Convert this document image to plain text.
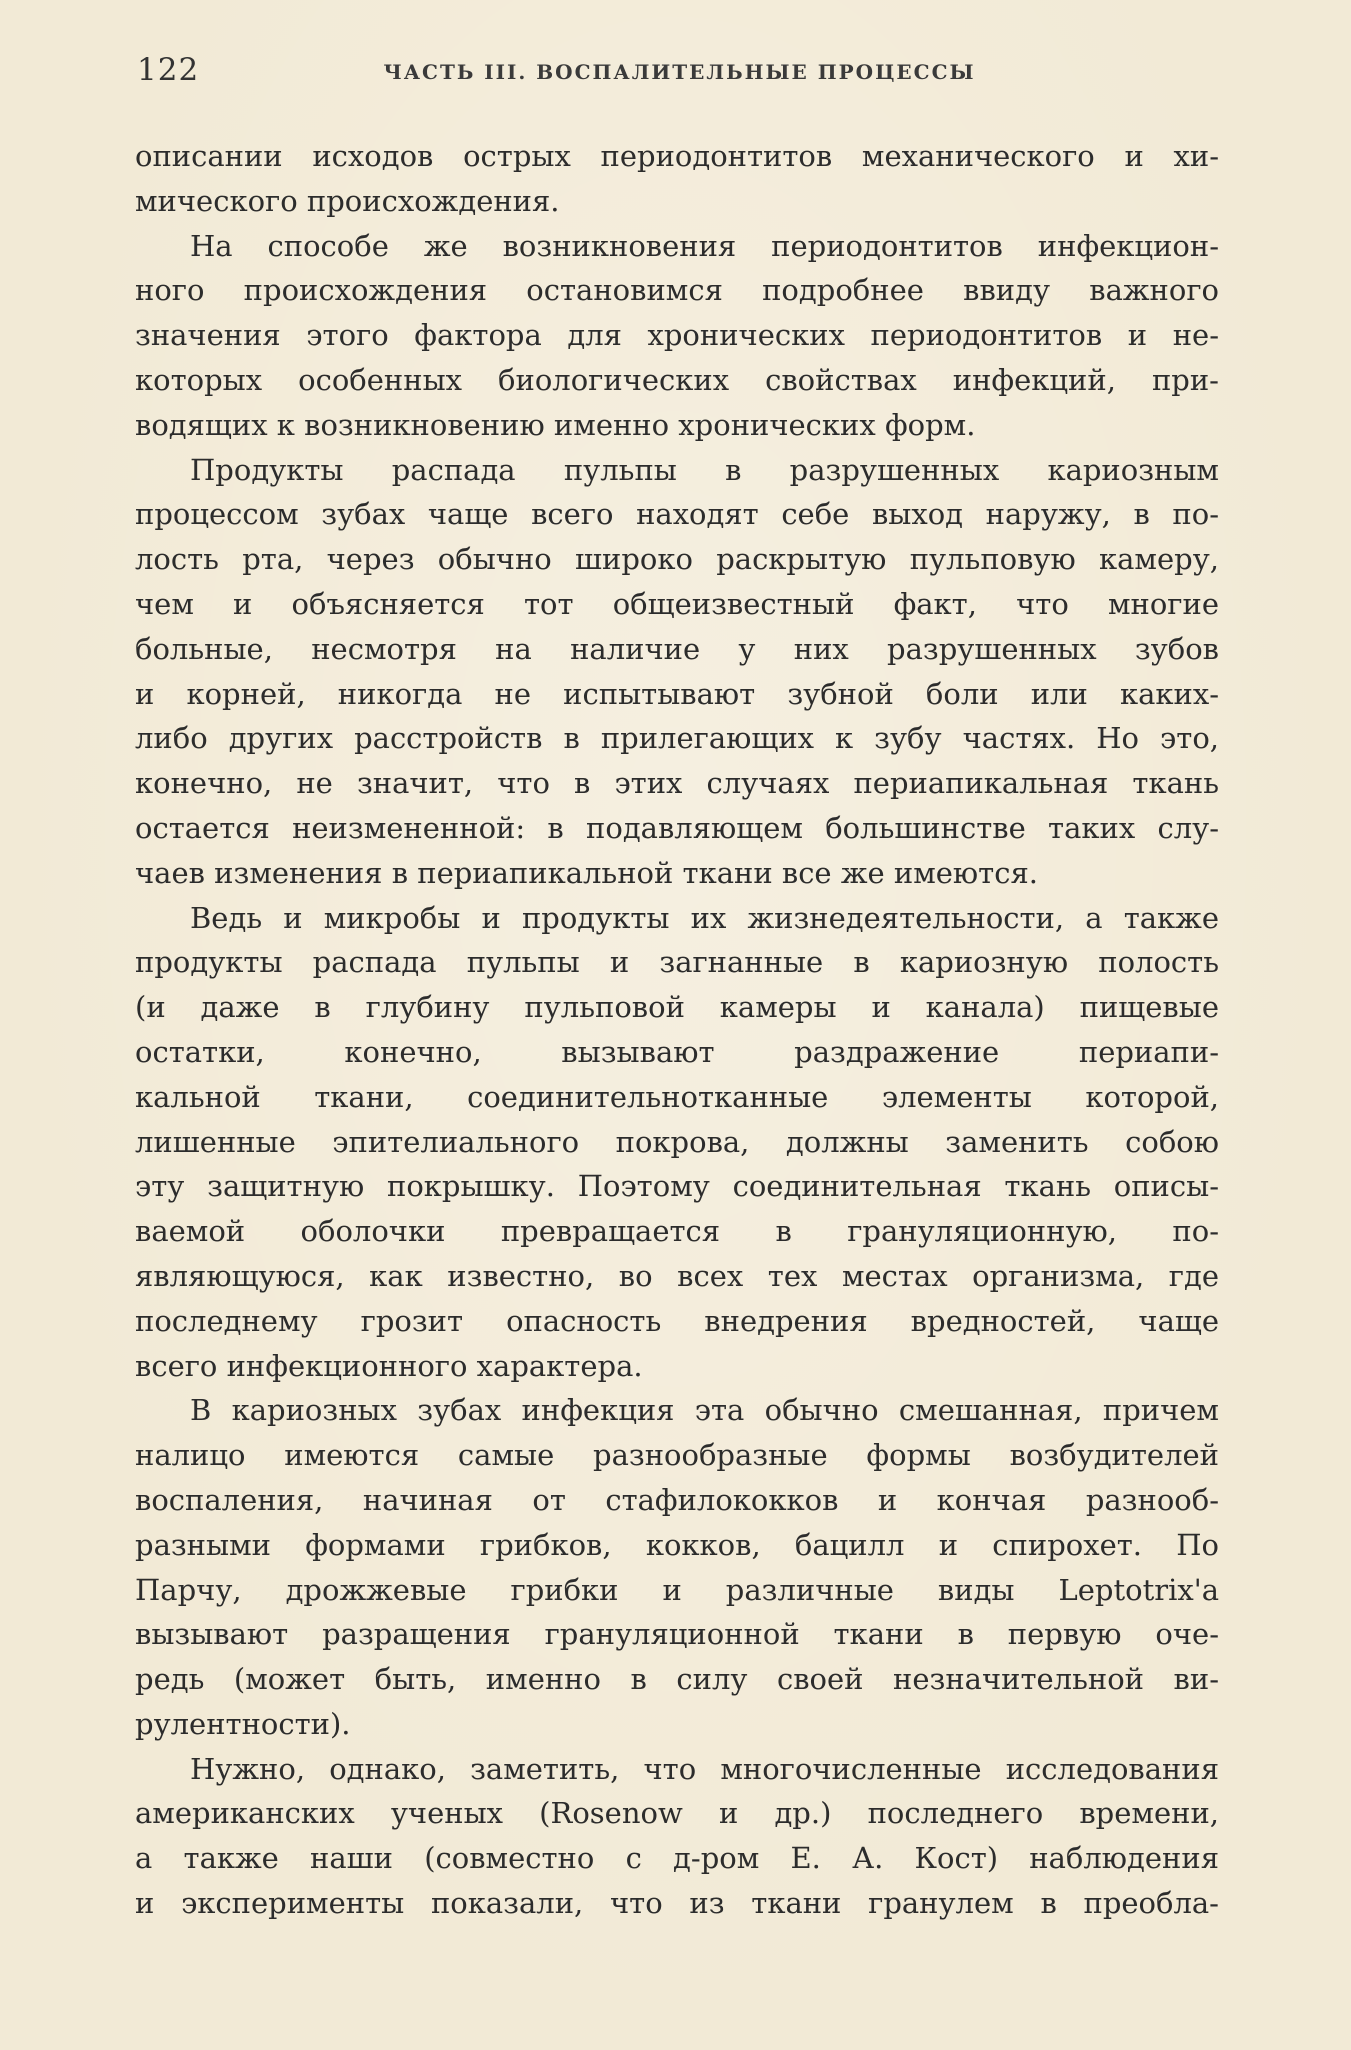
122	ЧАСТЬ III. ВОСПАЛИТЕЛЬНЫЕ ПРОЦЕССЫ
описании исходов острых периодонтитов механического и хи-
мического происхождения.
На способе же возникновения периодонтитов инфекцион-
ного происхождения остановимся подробнее ввиду важного
значения этого фактора для хронических периодонтитов и не-
которых особенных биологических свойствах инфекций, при-
водящих к возникновению именно хронических форм.
Продукты распада пульпы в разрушенных кариозным
процессом зубах чаще всего находят себе выход наружу, в по-
лость рта, через обычно широко раскрытую пульповую камеру,
чем и объясняется тот общеизвестный факт, что многие
больные, несмотря на наличие у них разрушенных зубов
и корней, никогда не испытывают зубной боли или каких-
либо других расстройств в прилегающих к зубу частях. Но это,
конечно, не значит, что в этих случаях периапикальная ткань
остается неизмененной: в подавляющем большинстве таких слу-
чаев изменения в периапикальной ткани все же имеются.
Ведь и микробы и продукты их жизнедеятельности, а также
продукты распада пульпы и загнанные в кариозную полость
(и даже в глубину пульповой камеры и канала) пищевые
остатки, конечно, вызывают раздражение периапи-
кальной ткани, соединительнотканные элементы которой,
лишенные эпителиального покрова, должны заменить собою
эту защитную покрышку. Поэтому соединительная ткань описы-
ваемой оболочки превращается в грануляционную, по-
являющуюся, как известно, во всех тех местах организма, где
последнему грозит опасность внедрения вредностей, чаще
всего инфекционного характера.
В кариозных зубах инфекция эта обычно смешанная, причем
налицо имеются самые разнообразные формы возбудителей
воспаления, начиная от стафилококков и кончая разнооб-
разными формами грибков, кокков, бацилл и спирохет. По
Парчу, дрожжевые грибки и различные виды Leptotrix'a
вызывают разращения грануляционной ткани в первую оче-
редь (может быть, именно в силу своей незначительной ви-
рулентности).
Нужно, однако, заметить, что многочисленные исследования
американских ученых (Rosenow и др.) последнего времени,
а также наши (совместно с д-ром Е. А. Кост) наблюдения
и эксперименты показали, что из ткани гранулем в преобла-
